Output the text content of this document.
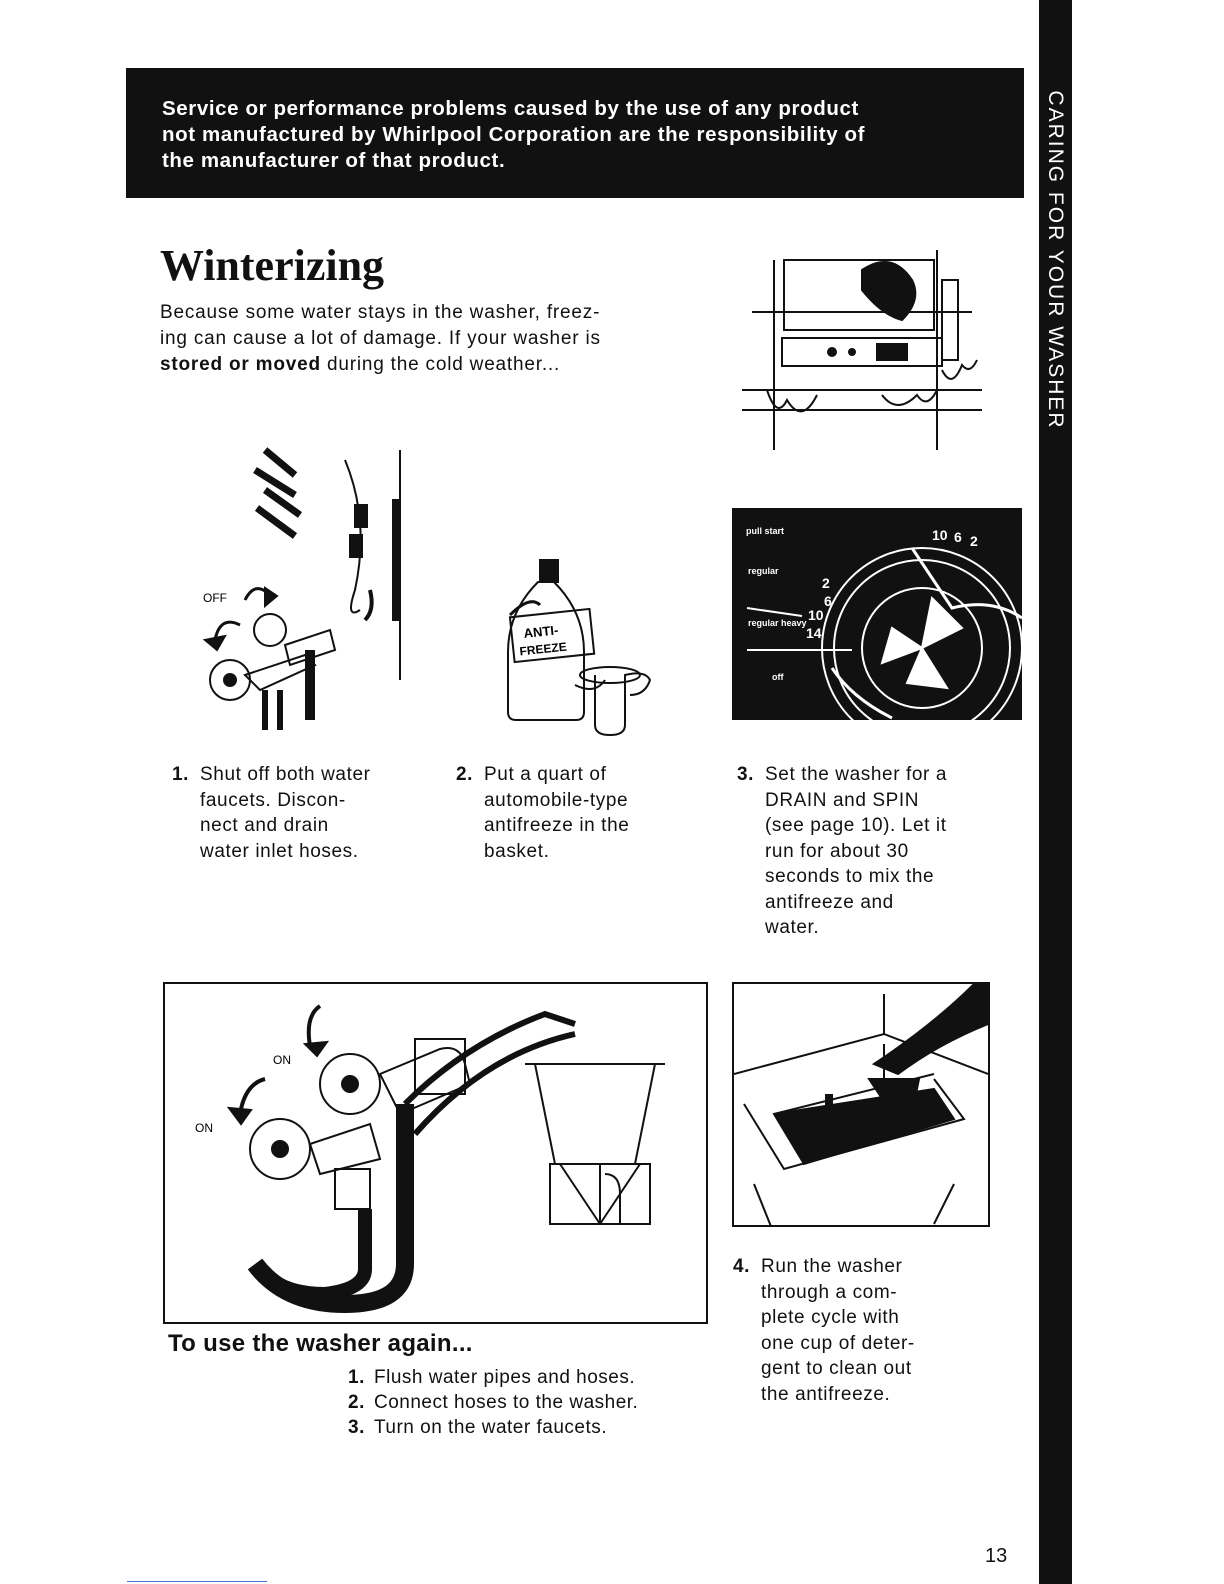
Service or performance problems caused by the use of any product
not manufactured by Whirlpool Corporation are the responsibility of
the manufacturer of that product.	CARING FOR YOUR WASHER
Winterizing
Because some water stays in the washer, freez-
ing can cause a lot of damage. If your washer is
stored or moved during the cold weather...
OFF
ANTI-
FREEZE
pull start
regular
regular heavy
off
10 6 2
2
6
10
14
1. Shut off both water
faucets. Discon-
nect and drain
water inlet hoses.
2. Put a quart of
automobile-type
antifreeze in the
basket.
3. Set the washer for a
DRAIN and SPIN
(see page 10). Let it
run for about 30
seconds to mix the
antifreeze and
water.
ON
ON
4. Run the washer
through a com-
plete cycle with
one cup of deter-
gent to clean out
the antifreeze.
To use the washer again...
1. Flush water pipes and hoses.
2. Connect hoses to the washer.
3. Turn on the water faucets.
13
